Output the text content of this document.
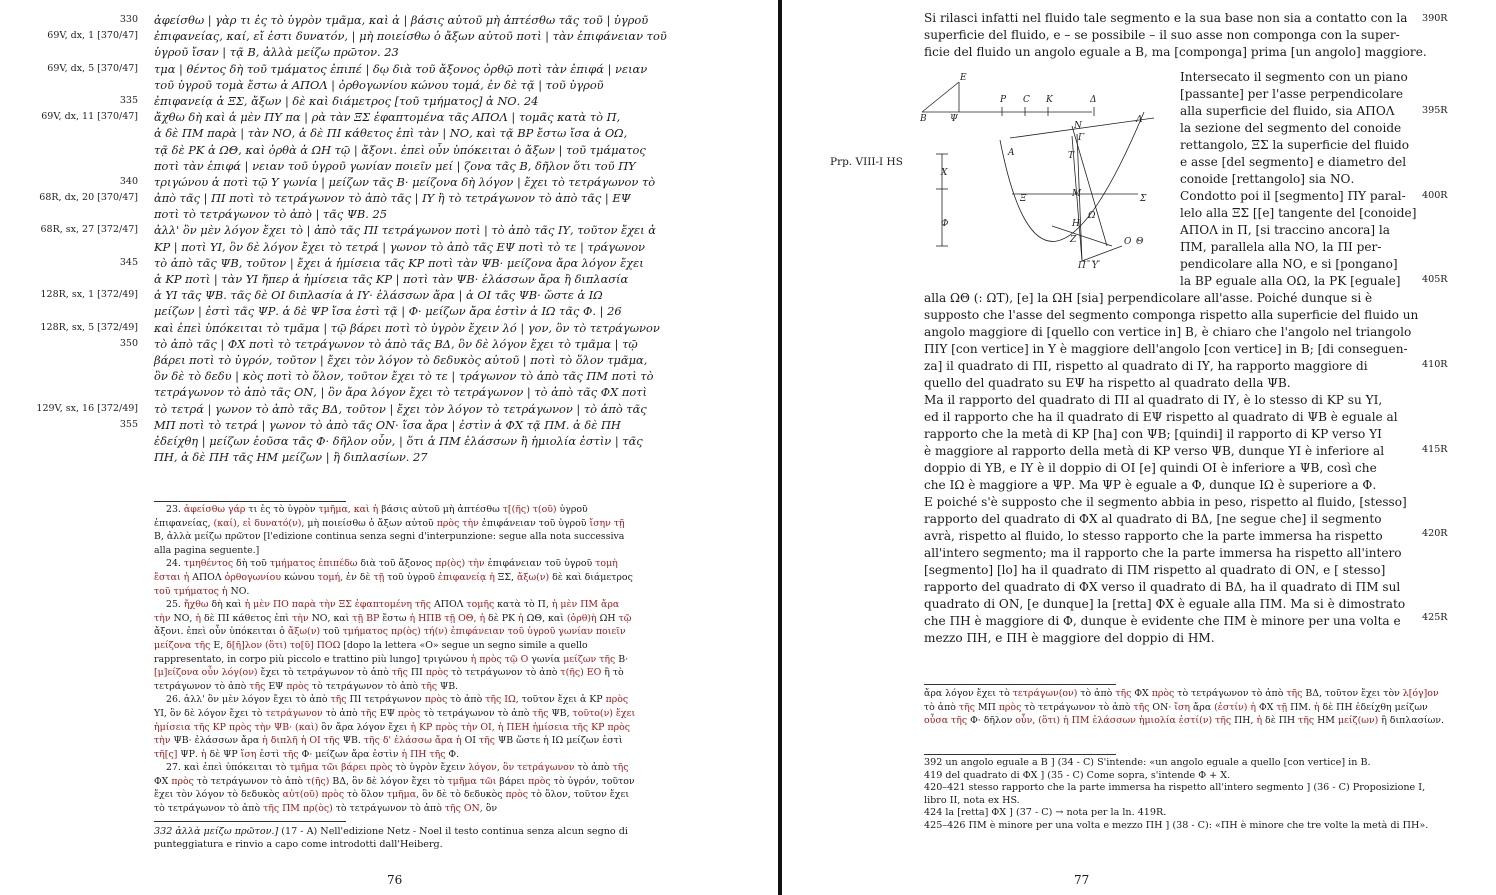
330 ἀφείσθω | γὰρ τι ἐς τὸ ὑγρὸν τμᾶμα, καὶ ἁ | βάσις αὐτοῦ μὴ ἁπτέσθω τᾶς τοῦ | ὑγροῦ
69V, dx, 1 [370/47] ἐπιφανείας, καί, εἴ ἐστι δυνατόν, | μὴ ποιείσθω ὁ ἄξων αὐτοῦ ποτὶ | τὰν ἐπιφάνειαν τοῦ
ὑγροῦ ἴσαν | τᾷ Β, ἀλλὰ μείζω πρῶτον. 23
69V, dx, 5 [370/47] τμα | θέντος δὴ τοῦ τμάματος ἐπιπέ | δῳ διὰ τοῦ ἄξονος ὀρθῷ ποτὶ τὰν ἐπιφά | νειαν
τοῦ ὑγροῦ τομὰ ἔστω ἁ ΑΠΟΛ | ὀρθογωνίου κώνου τομά, ἐν δὲ τᾷ | τοῦ ὑγροῦ
335 ἐπιφανείᾳ ἁ ΞΣ, ἄξων | δὲ καὶ διάμετρος [τοῦ τμήματος] ἁ ΝΟ. 24
69V, dx, 11 [370/47] ἄχθω δὴ καὶ ἁ μὲν ΠΥ πα | ρὰ τὰν ΞΣ ἐφαπτομένα τᾶς ΑΠΟΛ | τομᾶς κατὰ τὸ Π,
ἁ δὲ ΠΜ παρὰ | τὰν ΝΟ, ἁ δὲ ΠΙ κάθετος ἐπὶ τὰν | ΝΟ, καὶ τᾷ ΒΡ ἔστω ἴσα ἁ ΟΩ,
τᾷ δὲ ΡΚ ἁ ΩΘ, καὶ ὀρθὰ ἁ ΩΗ τῷ | ἄξονι. ἐπεὶ οὖν ὑπόκειται ὁ ἄξων | τοῦ τμάματος
ποτὶ τὰν ἐπιφά | νειαν τοῦ ὑγροῦ γωνίαν ποιεῖν μεί | ζονα τᾶς Β, δῆλον ὅτι τοῦ ΠΥ
340 τριγώνου ἁ ποτὶ τῷ Υ γωνία | μείζων τᾶς Β· μείζονα δὴ λόγον | ἔχει τὸ τετράγωνον τὸ
68R, dx, 20 [370/47] ἀπὸ τᾶς | ΠΙ ποτὶ τὸ τετράγωνον τὸ ἀπὸ τᾶς | ΙΥ ἢ τὸ τετράγωνον τὸ ἀπὸ τᾶς | ΕΨ
ποτὶ τὸ τετράγωνον τὸ ἀπὸ | τᾶς ΨΒ. 25
68R, sx, 27 [372/47] ἀλλ' ὃν μὲν λόγον ἔχει τὸ | ἀπὸ τᾶς ΠΙ τετράγωνον ποτὶ | τὸ ἀπὸ τᾶς ΙΥ, τοῦτον ἔχει ἁ
ΚΡ | ποτὶ ΥΙ, ὃν δὲ λόγον ἔχει τὸ τετρά | γωνον τὸ ἀπὸ τᾶς ΕΨ ποτὶ τὸ τε | τράγωνον
345 τὸ ἀπὸ τᾶς ΨΒ, τοῦτον | ἔχει ἁ ἡμίσεια τᾶς ΚΡ ποτὶ τὰν ΨΒ· μείζονα ἄρα λόγον ἔχει
ἁ ΚΡ ποτὶ | τὰν ΥΙ ἤπερ ἁ ἡμίσεια τᾶς ΚΡ | ποτὶ τὰν ΨΒ· ἐλάσσων ἄρα ἢ διπλασία
128R, sx, 1 [372/49] ἁ ΥΙ τᾶς ΨΒ. τᾶς δὲ ΟΙ διπλασία ἁ ΙΥ· ἐλάσσων ἄρα | ἁ ΟΙ τᾶς ΨΒ· ὥστε ἁ ΙΩ
μείζων | ἐστὶ τᾶς ΨΡ. ἁ δὲ ΨΡ ἴσα ἐστὶ τᾷ | Φ· μείζων ἄρα ἐστὶν ἁ ΙΩ τᾶς Φ. | 26
128R, sx, 5 [372/49] καὶ ἐπεὶ ὑπόκειται τὸ τμᾶμα | τῷ βάρει ποτὶ τὸ ὑγρὸν ἔχειν λό | γον, ὃν τὸ τετράγωνον
350 τὸ ἀπὸ τᾶς | ΦΧ ποτὶ τὸ τετράγωνον τὸ ἀπὸ τᾶς ΒΔ, ὃν δὲ λόγον ἔχει τὸ τμᾶμα | τῷ
βάρει ποτὶ τὸ ὑγρόν, τοῦτον | ἔχει τὸν λόγον τὸ δεδυκὸς αὐτοῦ | ποτὶ τὸ ὅλον τμᾶμα,
ὃν δὲ τὸ δεδυ | κὸς ποτὶ τὸ ὅλον, τοῦτον ἔχει τὸ τε | τράγωνον τὸ ἀπὸ τᾶς ΠΜ ποτὶ τὸ
τετράγωνον τὸ ἀπὸ τᾶς ΟΝ, | ὃν ἄρα λόγον ἔχει τὸ τετράγωνον | τὸ ἀπὸ τᾶς ΦΧ ποτὶ
129V, sx, 16 [372/49] τὸ τετρά | γωνον τὸ ἀπὸ τᾶς ΒΔ, τοῦτον | ἔχει τὸν λόγον τὸ τετράγωνον | τὸ ἀπὸ τᾶς
355 ΜΠ ποτὶ τὸ τετρά | γωνον τὸ ἀπὸ τᾶς ΟΝ· ἴσα ἄρα | ἐστὶν ἁ ΦΧ τᾷ ΠΜ. ἁ δὲ ΠΗ
ἐδείχθη | μείζων ἐοῦσα τᾶς Φ· δῆλον οὖν, | ὅτι ἁ ΠΜ ἐλάσσων ἢ ἡμιολία ἐστὶν | τᾶς
ΠΗ, ἁ δὲ ΠΗ τᾶς ΗΜ μείζων | ἢ διπλασίων. 27

23. ἀφείσθω γάρ τι ἐς τὸ ὑγρὸν τμῆμα, καὶ ἡ βάσις αὐτοῦ μὴ ἁπτέσθω τ[(ῆς) τ(οῦ) ὑγροῦ ἐπιφανείας, (καί), εἰ δυνατό(ν), μὴ ποιείσθω ὁ ἄξων αὐτοῦ πρὸς τὴν ἐπιφάνειαν τοῦ ὑγροῦ ἴσην τῇ Β, ἀλλὰ μείζω πρῶτον [l'edizione continua senza segni d'interpunzione: segue alla nota successiva alla pagina seguente.]

24. τμηθέντος δὴ τοῦ τμήματος ἐπιπέδω διὰ τοῦ ἄξονος πρ(ὸς) τὴν ἐπιφάνειαν τοῦ ὑγροῦ τομὴ ἔσται ἡ ΑΠΟΛ ὀρθογωνίου κώνου τομή, ἐν δὲ τῇ τοῦ ὑγροῦ ἐπιφανείᾳ ἡ ΞΣ, ἄξω(ν) δὲ καὶ διάμετρος τοῦ τμήματος ἡ ΝΟ.

25. ἤχθω δὴ καὶ ἡ μὲν ΠΟ παρὰ τὴν ΞΣ ἐφαπτομένη τῆς ΑΠΟΛ τομῆς κατὰ τὸ Π, ἡ μὲν ΠΜ ἄρα τὴν ΝΟ, ἡ δὲ ΠΙ κάθετος ἐπὶ τὴν ΝΟ, καὶ τῇ ΒΡ ἔστω ἡ ΗΠΒ τῇ ΟΘ, ἡ δὲ ΡΚ ἡ ΩΘ, καὶ (ὀρθ)ὴ ΩΗ τῷ ἄξονι. ἐπεὶ οὖν ὑπόκειται ὁ ἄξω(ν) τοῦ τμήματος πρ(ὸς) τή(ν) ἐπιφάνειαν τοῦ ὑγροῦ γωνίαν ποιεῖν μείζονα τῆς Ε, δ[ῆ]λον (ὅτι) το[ῦ] ΠΟΩ [dopo la lettera «Ο» segue un segno simile a quello rappresentato, in corpo più piccolo e trattino più lungo] τριγώνου ἡ πρὸς τῷ Ο γωνία μείζων τῆς Β· [μ]είζονα οὖν λόγ(ον) ἔχει τὸ τετράγωνον τὸ ἀπὸ τῆς ΠΙ πρὸς τὸ τετράγωνον τὸ ἀπὸ τ(ῆς) ΕΟ ἢ τὸ τετράγωνον τὸ ἀπὸ τῆς ΕΨ πρὸς τὸ τετράγωνον τὸ ἀπὸ τῆς ΨΒ.

26. ἀλλ' ὃν μὲν λόγον ἔχει τὸ ἀπὸ τῆς ΠΙ τετράγωνον πρὸς τὸ ἀπὸ τῆς ΙΩ, τοῦτον ἔχει ἁ ΚΡ πρὸς ΥΙ, ὃν δὲ λόγον ἔχει τὸ τετράγωνον τὸ ἀπὸ τῆς ΕΨ πρὸς τὸ τετράγωνον τὸ ἀπὸ τῆς ΨΒ, τοῦτο(ν) ἔχει ἡμίσεια τῆς ΚΡ πρὸς τὴν ΨΒ· (καὶ) ὃν ἄρα λόγον ἔχει ἡ ΚΡ πρὸς τὴν ΟΙ, ἡ ΠΕΗ ἡμίσεια τῆς ΚΡ πρὸς τὴν ΨΒ· ἐλάσσων ἄρα ἡ διπλῆ ἡ ΟΙ τῆς ΨΒ. τῆς δ' ἐλάσσω ἄρα ἡ ΟΙ τῆς ΨΒ ὥστε ἡ ΙΩ μείζων ἐστὶ τῆ[ς] ΨΡ. ἡ δὲ ΨΡ ἴση ἐστὶ τῆς Φ· μείζων ἄρα ἐστὶν ἡ ΠΗ τῆς Φ.

27. καὶ ἐπεὶ ὑπόκειται τὸ τμῆμα τῶι βάρει πρὸς τὸ ὑγρὸν ἔχειν λόγον, ὃν τετράγωνον τὸ ἀπὸ τῆς ΦΧ πρὸς τὸ τετράγωνον τὸ ἀπὸ τ(ῆς) ΒΔ, ὃν δὲ λόγον ἔχει τὸ τμῆμα τῶι βάρει πρὸς τὸ ὑγρόν, τοῦτον ἔχει τὸν λόγον τὸ δεδυκὸς αὐτ(οῦ) πρὸς τὸ ὅλον τμῆμα, ὃν δὲ τὸ δεδυκὸς πρὸς τὸ ὅλον, τοῦτον ἔχει τὸ τετράγωνον τὸ ἀπὸ τῆς ΠΜ πρ(ὸς) τὸ τετράγωνον τὸ ἀπὸ τῆς ΟΝ, ὃν

332 ἀλλὰ μείζω πρῶτον.] (17 - A) Nell'edizione Netz - Noel il testo continua senza alcun segno di punteggiatura e rinvio a capo come introdotti dall'Heiberg.
76
Prp. VIII-I HS
Si rilasci infatti nel fluido tale segmento e la sua base non sia a contatto con la
superficie del fluido, e – se possibile – il suo asse non componga con la super-
ficie del fluido un angolo eguale a B, ma [componga] prima [un angolo] maggiore.
E
B	Ψ
P C K	Δ
N
Λ
A
Γ
T
X
Ξ	M	Σ
Ω
H
Z	Θ
Φ
Π Υ
O
Intersecato il segmento con un piano
[passante] per l'asse perpendicolare
alla superficie del fluido, sia ΑΠΟΛ
la sezione del segmento del conoide
rettangolo, ΞΣ la superficie del fluido
e asse [del segmento] e diametro del
conoide [rettangolo] sia ΝΟ.
Condotto poi il [segmento] ΠΥ paral-
lelo alla ΞΣ [[e] tangente del [conoide]
ΑΠΟΛ in Π, [si traccino ancora] la
ΠΜ, parallela alla ΝΟ, la ΠΙ per-
pendicolare alla ΝΟ, e si [pongano]
la ΒΡ eguale alla ΟΩ, la ΡΚ [eguale]
alla ΩΘ (: ΩΤ), [e] la ΩΗ [sia] perpendicolare all'asse. Poiché dunque si è
supposto che l'asse del segmento componga rispetto alla superficie del fluido un
angolo maggiore di [quello con vertice in] B, è chiaro che l'angolo nel triangolo
ΠΙΥ [con vertice] in Υ è maggiore dell'angolo [con vertice] in B; [di conseguen-
za] il quadrato di ΠΙ, rispetto al quadrato di ΙΥ, ha rapporto maggiore di
quello del quadrato su ΕΨ ha rispetto al quadrato della ΨB.
Ma il rapporto del quadrato di ΠΙ al quadrato di ΙΥ, è lo stesso di ΚΡ su ΥΙ,
ed il rapporto che ha il quadrato di ΕΨ rispetto al quadrato di ΨΒ è eguale al
rapporto che la metà di ΚΡ [ha] con ΨΒ; [quindi] il rapporto di ΚΡ verso ΥΙ
è maggiore al rapporto della metà di ΚΡ verso ΨΒ, dunque ΥΙ è inferiore al
doppio di ΥΒ, e ΙΥ è il doppio di ΟΙ [e] quindi ΟΙ è inferiore a ΨΒ, così che
che ΙΩ è maggiore a ΨΡ. Ma ΨΡ è eguale a Φ, dunque ΙΩ è superiore a Φ.
E poiché s'è supposto che il segmento abbia in peso, rispetto al fluido, [stesso]
rapporto del quadrato di ΦΧ al quadrato di ΒΔ, [ne segue che] il segmento
avrà, rispetto al fluido, lo stesso rapporto che la parte immersa ha rispetto
all'intero segmento; ma il rapporto che la parte immersa ha rispetto all'intero
[segmento] [lo] ha il quadrato di ΠΜ rispetto al quadrato di ΟΝ, e [ stesso]
rapporto del quadrato di ΦΧ verso il quadrato di ΒΔ, ha il quadrato di ΠΜ sul
quadrato di ΟΝ, [e dunque] la [retta] ΦΧ è eguale alla ΠΜ. Ma si è dimostrato
che ΠΗ è maggiore di Φ, dunque è evidente che ΠΜ è minore per una volta e
mezzo ΠΗ, e ΠΗ è maggiore del doppio di ΗΜ.
390R
395R
400R
405R
410R
415R
420R
425R
ἄρα λόγον ἔχει τὸ τετράγων(ον) τὸ ἀπὸ τῆς ΦΧ πρὸς τὸ τετράγωνον τὸ ἀπὸ τῆς ΒΔ, τοῦτον ἔχει τὸν λ[όγ]ον τὸ ἀπὸ τῆς ΜΠ πρὸς τὸ τετράγωνον τὸ ἀπὸ τῆς ΟΝ· ἴση ἄρα (ἐστίν) ἡ ΦΧ τῇ ΠΜ. ἡ δὲ ΠΗ ἐδείχθη μείζων οὖσα τῆς Φ· δῆλον οὖν, (ὅτι) ἡ ΠΜ ἐλάσσων ἡμιολία ἐστί(ν) τῆς ΠΗ, ἡ δὲ ΠΗ τῆς ΗΜ μείζ(ων) ἢ διπλασίων.
392 un angolo eguale a B ] (34 - C) S'intende: «un angolo eguale a quello [con vertice] in B.
419 del quadrato di ΦΧ ] (35 - C) Come sopra, s'intende Φ + X.
420–421 stesso rapporto che la parte immersa ha rispetto all'intero segmento ] (36 - C) Proposizione I, libro II, nota ex HS.
424 la [retta] ΦΧ ] (37 - C) → nota per la ln. 419R.
425–426 ΠΜ è minore per una volta e mezzo ΠΗ ] (38 - C): «ΠΗ è minore che tre volte la metà di ΠΗ».
77
